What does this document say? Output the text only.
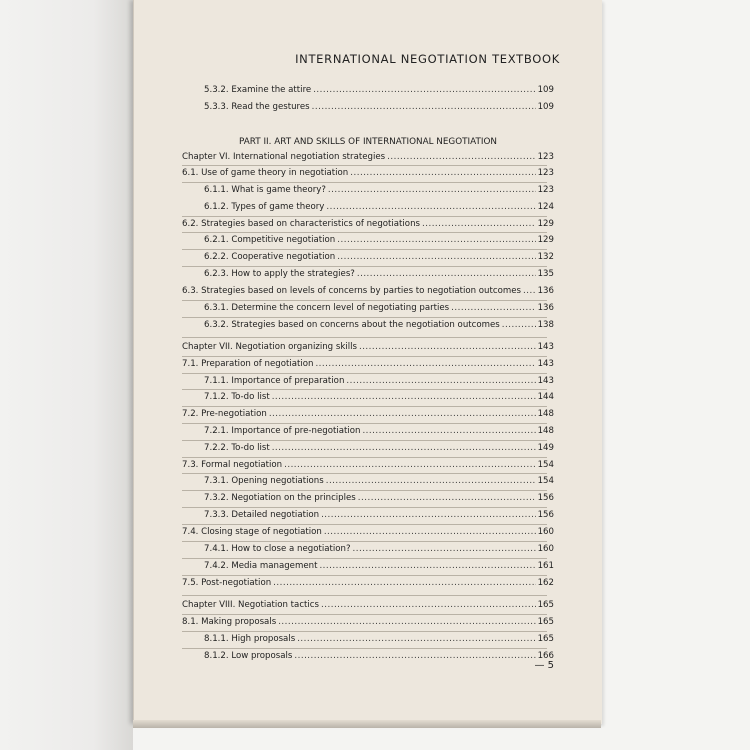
INTERNATIONAL NEGOTIATION TEXTBOOK
PART II. ART AND SKILLS OF INTERNATIONAL NEGOTIATION
5.3.2. Examine the attire .....	109
5.3.3. Read the gestures .....	109
Chapter VI. International negotiation strategies .....	123
6.1. Use of game theory in negotiation .....	123
6.1.1. What is game theory? .....	123
6.1.2. Types of game theory .....	124
6.2. Strategies based on characteristics of negotiations .....	129
6.2.1. Competitive negotiation .....	129
6.2.2. Cooperative negotiation .....	132
6.2.3. How to apply the strategies? .....	135
6.3. Strategies based on levels of concerns by parties to negotiation outcomes ..... 136
6.3.1. Determine the concern level of negotiating parties .....	136
6.3.2. Strategies based on concerns about the negotiation outcomes .....	138
Chapter VII. Negotiation organizing skills .....	143
7.1. Preparation of negotiation .....	143
7.1.1. Importance of preparation .....	143
7.1.2. To-do list .....	144
7.2. Pre-negotiation .....	148
7.2.1. Importance of pre-negotiation .....	148
7.2.2. To-do list .....	149
7.3. Formal negotiation .....	154
7.3.1. Opening negotiations .....	154
7.3.2. Negotiation on the principles .....	156
7.3.3. Detailed negotiation .....	156
7.4. Closing stage of negotiation .....	160
7.4.1. How to close a negotiation? .....	160
7.4.2. Media management .....	161
7.5. Post-negotiation .....	162
Chapter VIII. Negotiation tactics .....	165
8.1. Making proposals .....	165
8.1.1. High proposals .....	165
8.1.2. Low proposals .....	166
— 5
